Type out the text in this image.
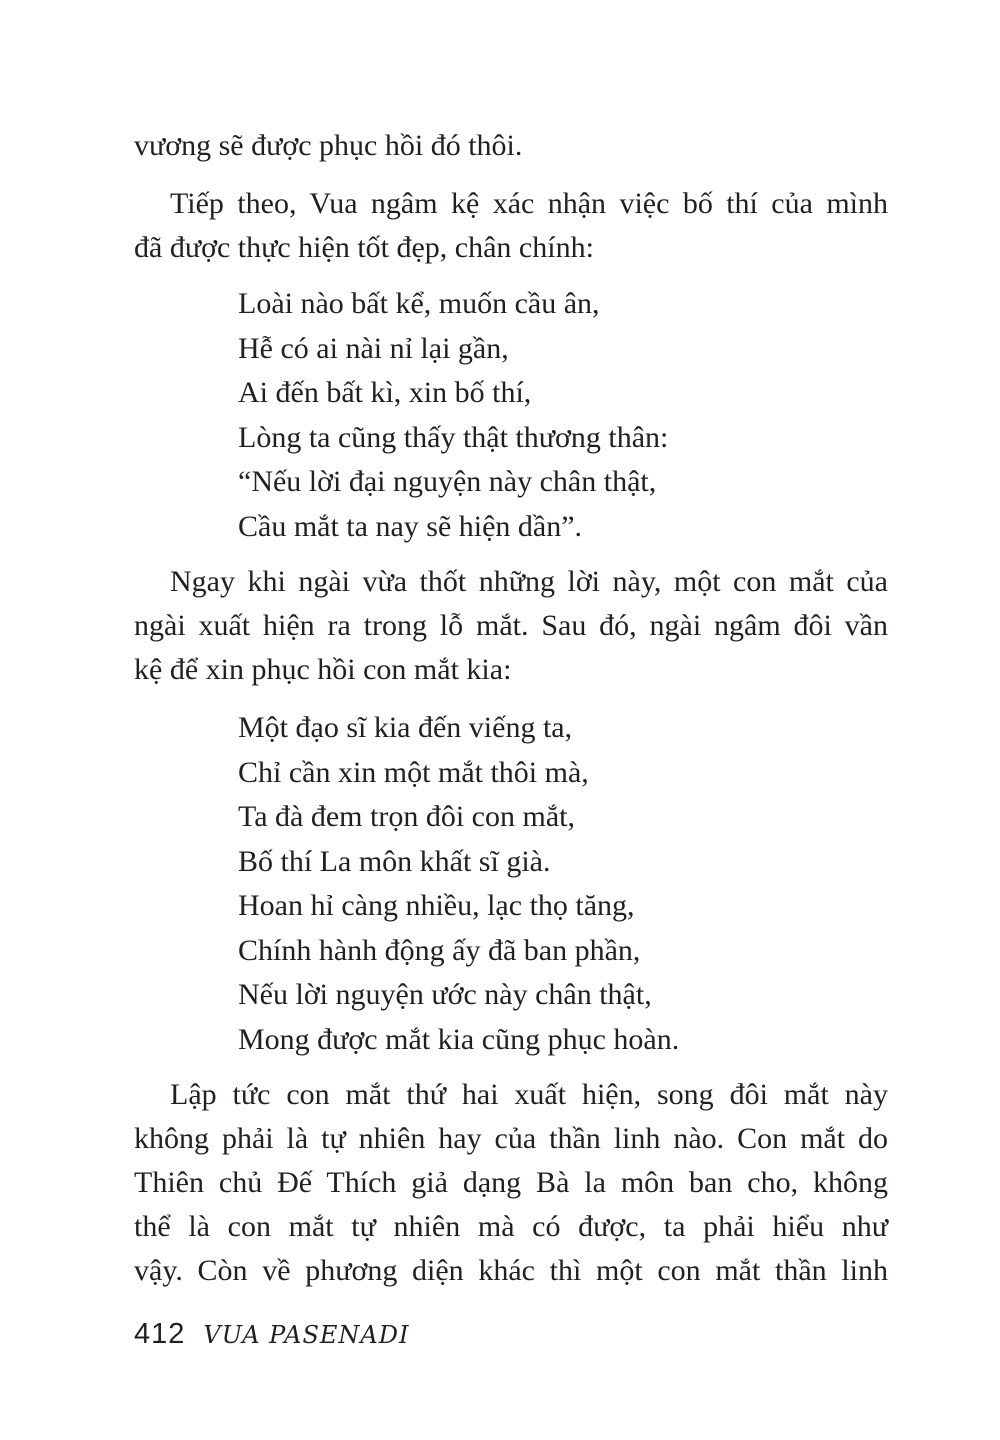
vương sẽ được phục hồi đó thôi.

Tiếp theo, Vua ngâm kệ xác nhận việc bố thí của mình
đã được thực hiện tốt đẹp, chân chính:

Loài nào bất kể, muốn cầu ân,
Hễ có ai nài nỉ lại gần,
Ai đến bất kì, xin bố thí,
Lòng ta cũng thấy thật thương thân:
“Nếu lời đại nguyện này chân thật,
Cầu mắt ta nay sẽ hiện dần”.

Ngay khi ngài vừa thốt những lời này, một con mắt của
ngài xuất hiện ra trong lỗ mắt. Sau đó, ngài ngâm đôi vần
kệ để xin phục hồi con mắt kia:

Một đạo sĩ kia đến viếng ta,
Chỉ cần xin một mắt thôi mà,
Ta đà đem trọn đôi con mắt,
Bố thí La môn khất sĩ già.
Hoan hỉ càng nhiều, lạc thọ tăng,
Chính hành động ấy đã ban phần,
Nếu lời nguyện ước này chân thật,
Mong được mắt kia cũng phục hoàn.

Lập tức con mắt thứ hai xuất hiện, song đôi mắt này
không phải là tự nhiên hay của thần linh nào. Con mắt do
Thiên chủ Đế Thích giả dạng Bà la môn ban cho, không
thể là con mắt tự nhiên mà có được, ta phải hiểu như
vậy. Còn về phương diện khác thì một con mắt thần linh

412 VUA PASENADI
